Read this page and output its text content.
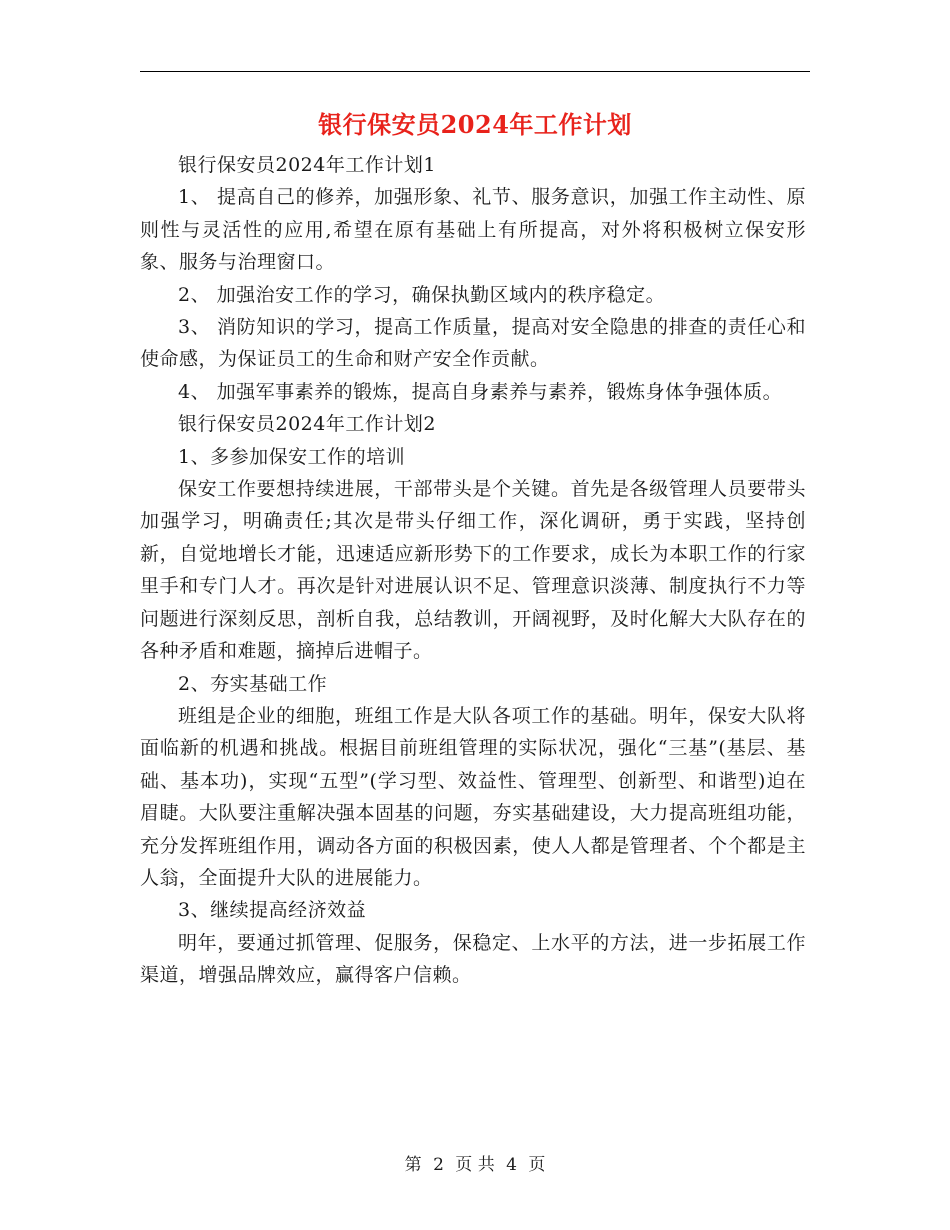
银行保安员2024年工作计划

银行保安员2024年工作计划1

1、 提高自己的修养，加强形象、礼节、服务意识，加强工作主动性、原则性与灵活性的应用,希望在原有基础上有所提高，对外将积极树立保安形象、服务与治理窗口。

2、 加强治安工作的学习，确保执勤区域内的秩序稳定。

3、 消防知识的学习，提高工作质量，提高对安全隐患的排查的责任心和使命感，为保证员工的生命和财产安全作贡献。

4、 加强军事素养的锻炼，提高自身素养与素养，锻炼身体争强体质。

银行保安员2024年工作计划2

1、多参加保安工作的培训

保安工作要想持续进展，干部带头是个关键。首先是各级管理人员要带头加强学习，明确责任;其次是带头仔细工作，深化调研，勇于实践，坚持创新，自觉地增长才能，迅速适应新形势下的工作要求，成长为本职工作的行家里手和专门人才。再次是针对进展认识不足、管理意识淡薄、制度执行不力等问题进行深刻反思，剖析自我，总结教训，开阔视野，及时化解大大队存在的各种矛盾和难题，摘掉后进帽子。

2、夯实基础工作

班组是企业的细胞，班组工作是大队各项工作的基础。明年，保安大队将面临新的机遇和挑战。根据目前班组管理的实际状况，强化“三基”(基层、基础、基本功)，实现“五型”(学习型、效益性、管理型、创新型、和谐型)迫在眉睫。大队要注重解决强本固基的问题，夯实基础建设，大力提高班组功能，充分发挥班组作用，调动各方面的积极因素，使人人都是管理者、个个都是主人翁，全面提升大队的进展能力。

3、继续提高经济效益

明年，要通过抓管理、促服务，保稳定、上水平的方法，进一步拓展工作渠道，增强品牌效应，赢得客户信赖。

第 2 页 共 4 页
